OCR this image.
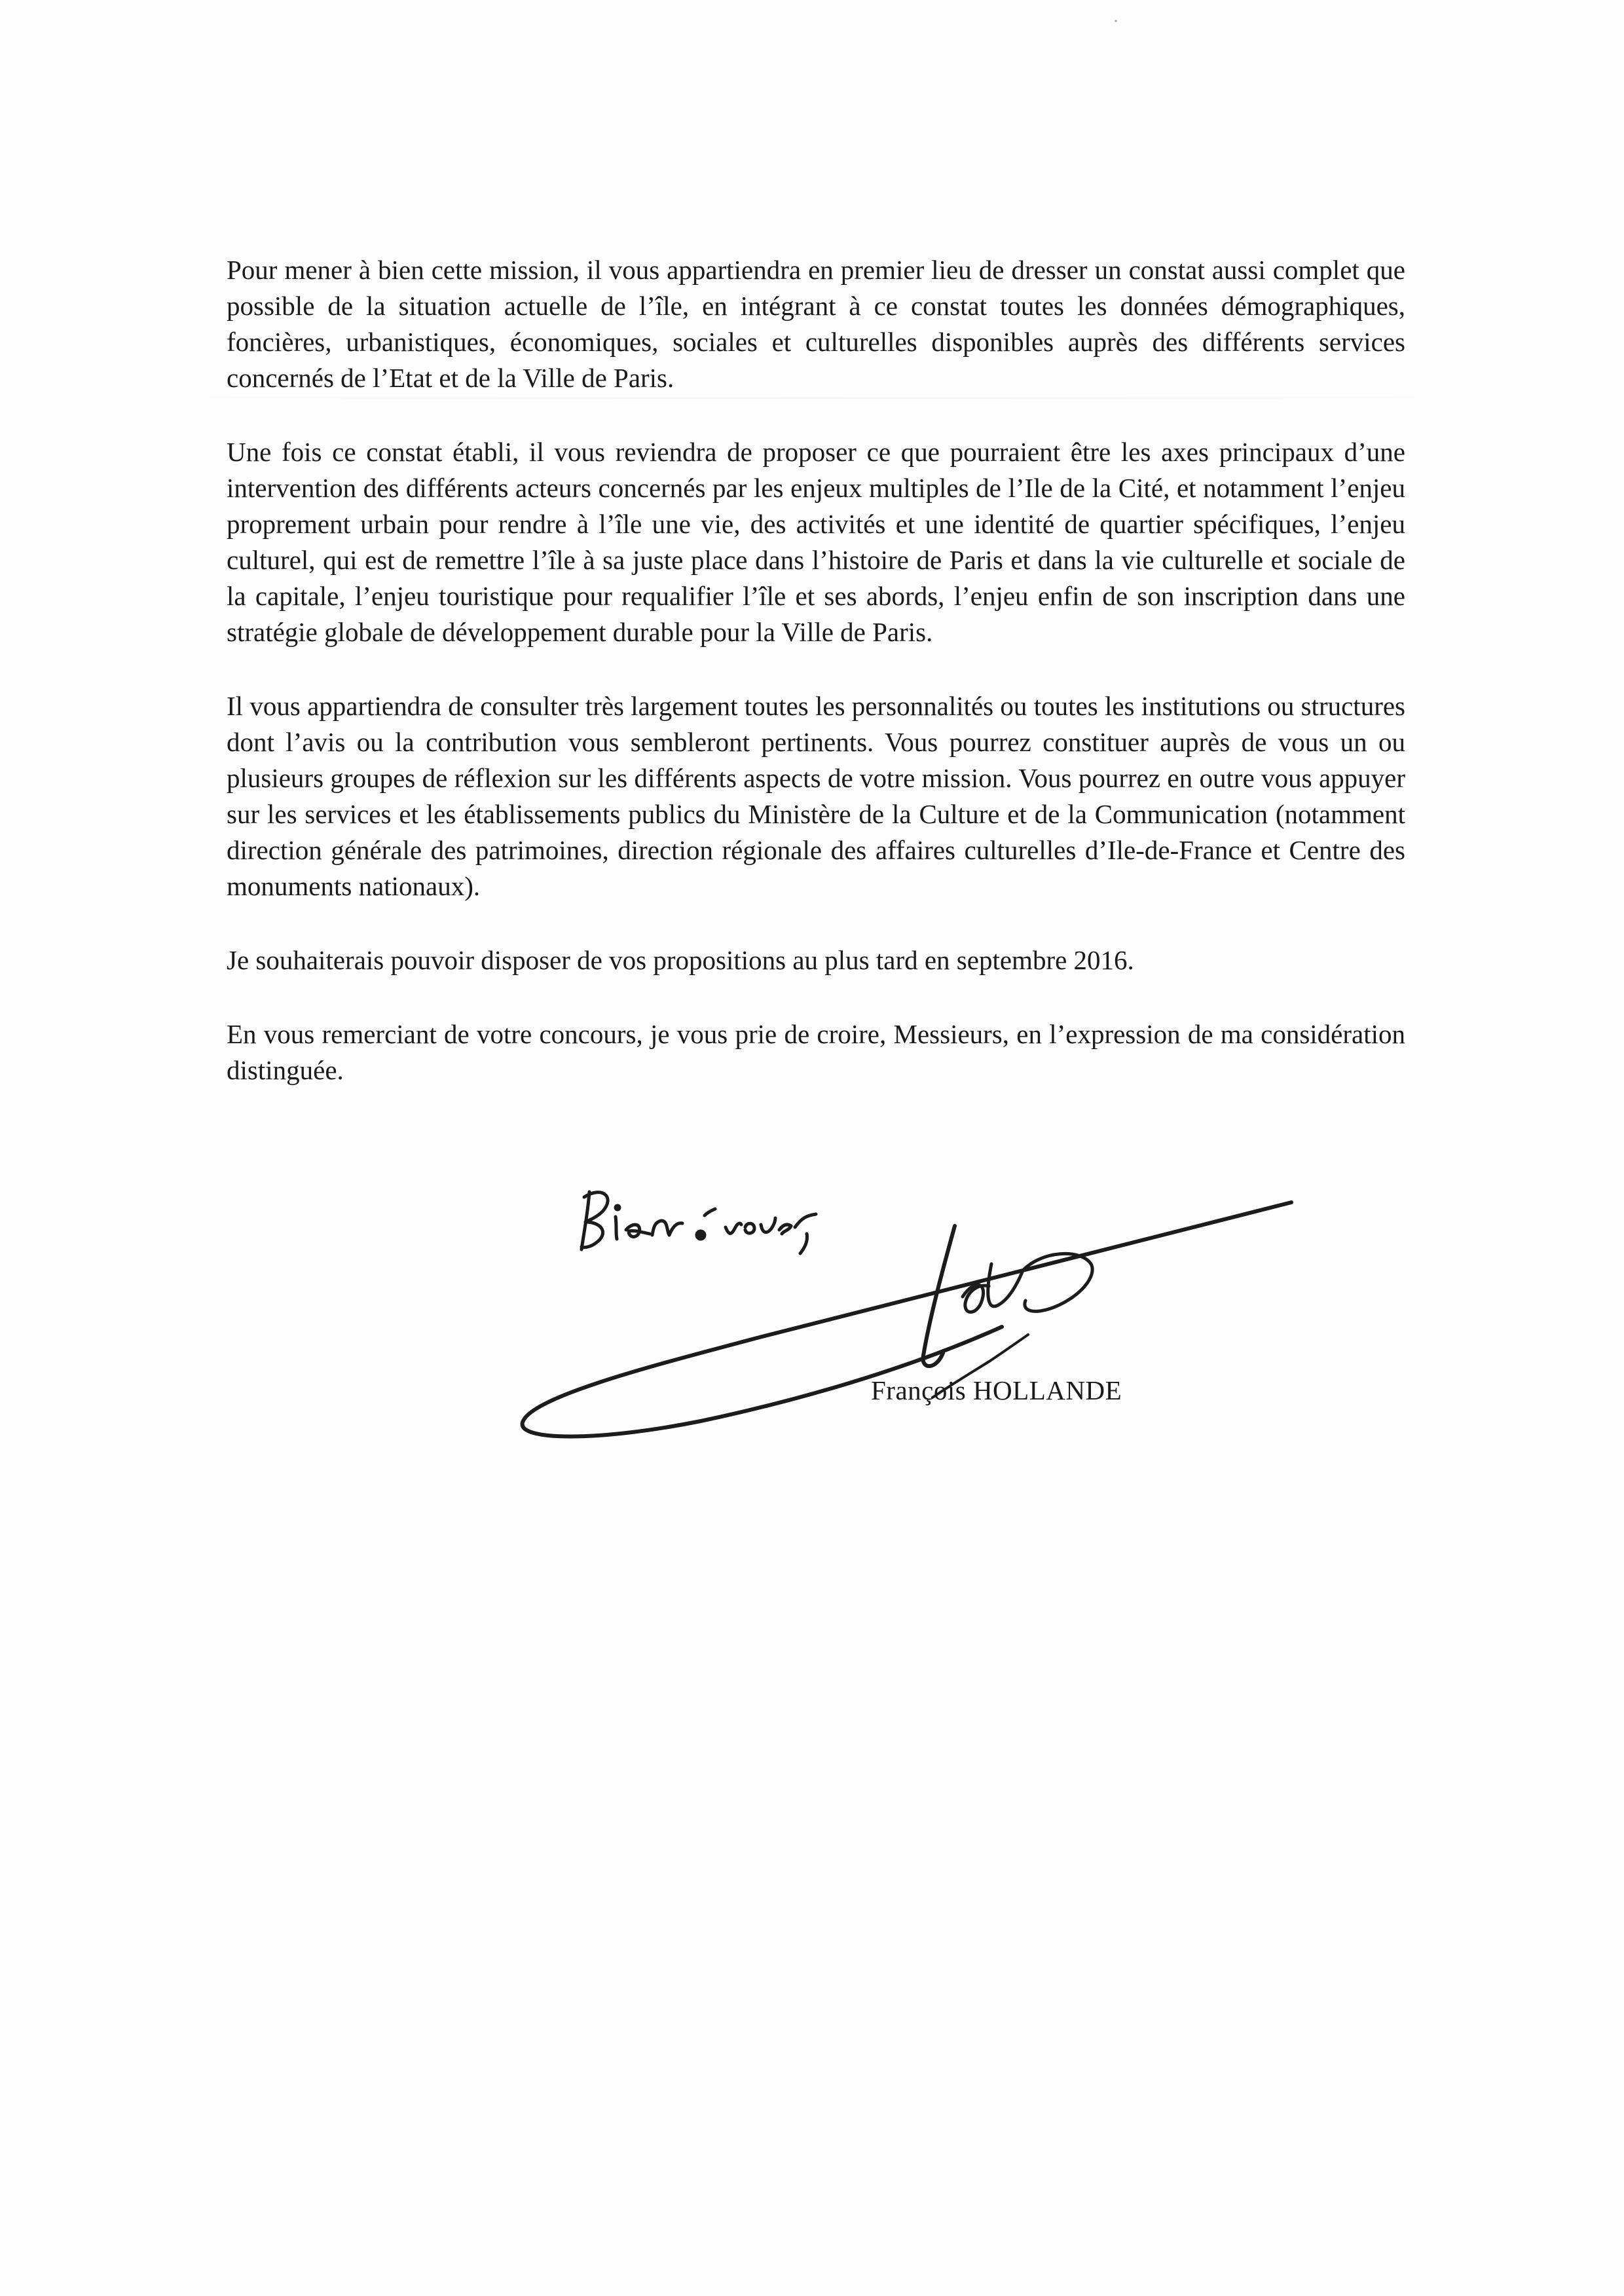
Pour mener à bien cette mission, il vous appartiendra en premier lieu de dresser un constat aussi complet que possible de la situation actuelle de l’île, en intégrant à ce constat toutes les données démographiques, foncières, urbanistiques, économiques, sociales et culturelles disponibles auprès des différents services concernés de l’Etat et de la Ville de Paris.

Une fois ce constat établi, il vous reviendra de proposer ce que pourraient être les axes principaux d’une intervention des différents acteurs concernés par les enjeux multiples de l’Ile de la Cité, et notamment l’enjeu proprement urbain pour rendre à l’île une vie, des activités et une identité de quartier spécifiques, l’enjeu culturel, qui est de remettre l’île à sa juste place dans l’histoire de Paris et dans la vie culturelle et sociale de la capitale, l’enjeu touristique pour requalifier l’île et ses abords, l’enjeu enfin de son inscription dans une stratégie globale de développement durable pour la Ville de Paris.

Il vous appartiendra de consulter très largement toutes les personnalités ou toutes les institutions ou structures dont l’avis ou la contribution vous sembleront pertinents. Vous pourrez constituer auprès de vous un ou plusieurs groupes de réflexion sur les différents aspects de votre mission. Vous pourrez en outre vous appuyer sur les services et les établissements publics du Ministère de la Culture et de la Communication (notamment direction générale des patrimoines, direction régionale des affaires culturelles d’Ile-de-France et Centre des monuments nationaux).

Je souhaiterais pouvoir disposer de vos propositions au plus tard en septembre 2016.

En vous remerciant de votre concours, je vous prie de croire, Messieurs, en l’expression de ma considération distinguée.

François HOLLANDE
